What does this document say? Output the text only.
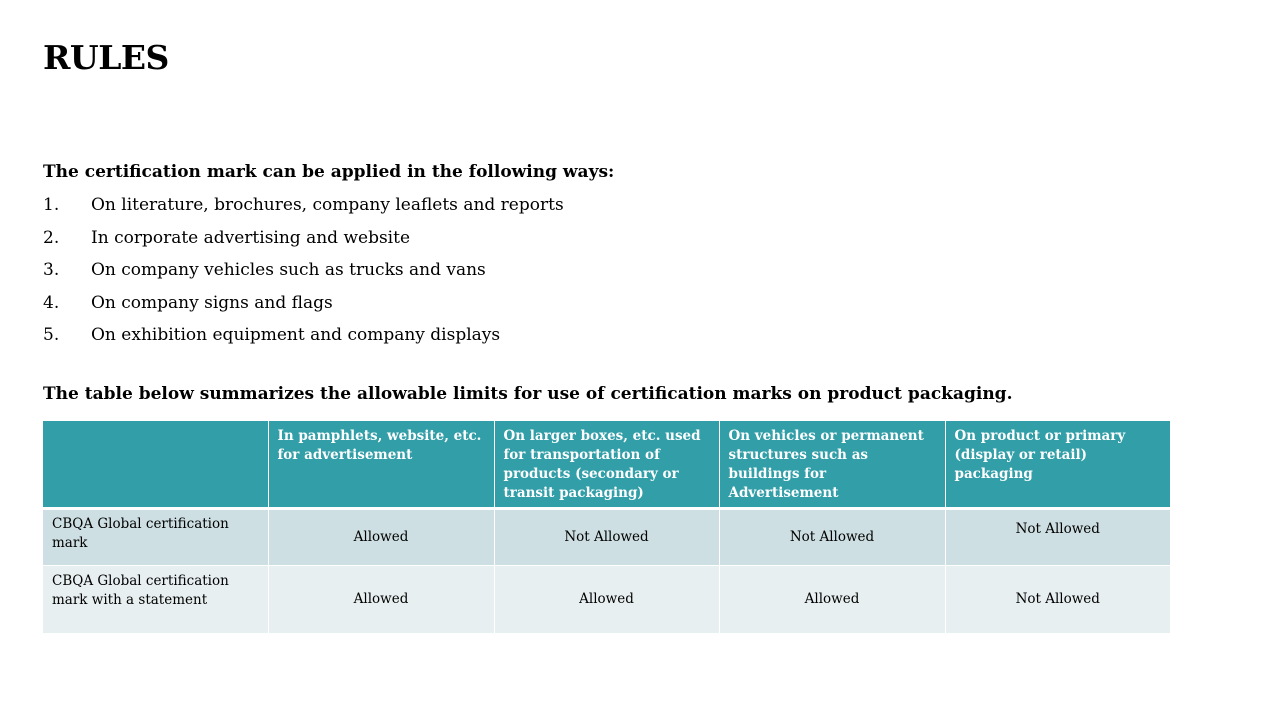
RULES

The certification mark can be applied in the following ways:

1.	On literature, brochures, company leaflets and reports
2.	In corporate advertising and website
3.	On company vehicles such as trucks and vans
4.	On company signs and flags
5.	On exhibition equipment and company displays

The table below summarizes the allowable limits for use of certification marks on product packaging.

	In pamphlets, website, etc. for advertisement	On larger boxes, etc. used for transportation of products (secondary or transit packaging)	On vehicles or permanent structures such as buildings for Advertisement	On product or primary (display or retail) packaging
CBQA Global certification mark	Allowed	Not Allowed	Not Allowed	Not Allowed
CBQA Global certification mark with a statement	Allowed	Allowed	Allowed	Not Allowed
